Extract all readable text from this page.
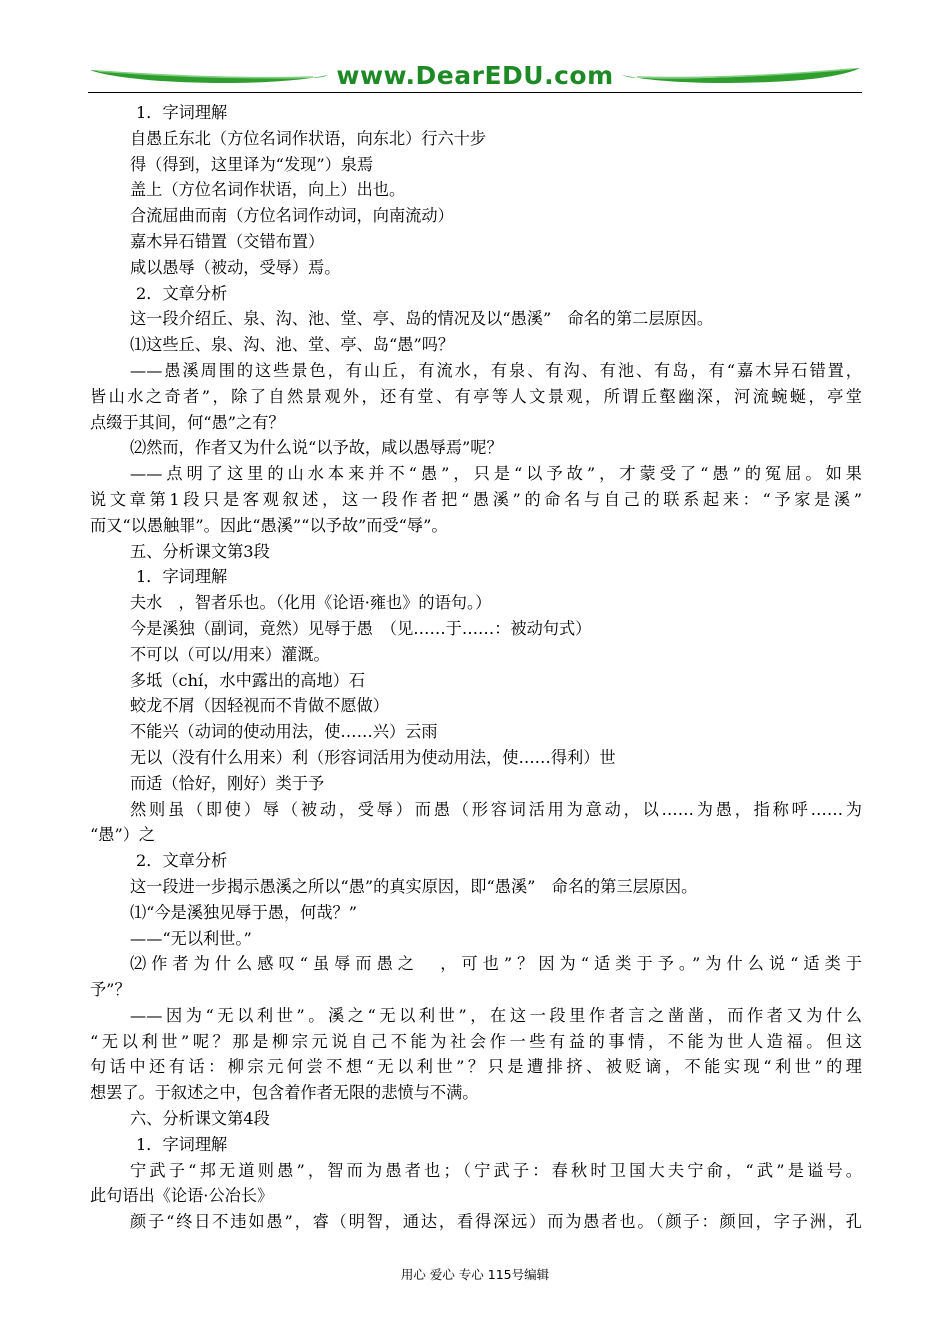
www.DearEDU.com
1．字词理解
自愚丘东北（方位名词作状语，向东北）行六十步
得（得到，这里译为“发现”）泉焉
盖上（方位名词作状语，向上）出也。
合流屈曲而南（方位名词作动词，向南流动）
嘉木异石错置（交错布置）
咸以愚辱（被动，受辱）焉。
2．文章分析
这一段介绍丘、泉、沟、池、堂、亭、岛的情况及以“愚溪”　命名的第二层原因。
⑴这些丘、泉、沟、池、堂、亭、岛“愚”吗？
——愚溪周围的这些景色，有山丘，有流水，有泉、有沟、有池、有岛，有“嘉木异石错置，
皆山水之奇者”，除了自然景观外，还有堂、有亭等人文景观，所谓丘壑幽深，河流蜿蜒，亭堂
点缀于其间，何“愚”之有？
⑵然而，作者又为什么说“以予故，咸以愚辱焉”呢？
——点明了这里的山水本来并不“愚”，只是“以予故”，才蒙受了“愚”的冤屈。如果
说文章第1段只是客观叙述，这一段作者把“愚溪”的命名与自己的联系起来：“予家是溪”
而又“以愚触罪”。因此“愚溪”“以予故”而受“辱”。
五、分析课文第3段
1．字词理解
夫水　，智者乐也。（化用《论语·雍也》的语句。）
今是溪独（副词，竟然）见辱于愚　（见……于……：被动句式）
不可以（可以/用来）灌溉。
多坻（chí，水中露出的高地）石
蛟龙不屑（因轻视而不肯做不愿做）
不能兴（动词的使动用法，使……兴）云雨
无以（没有什么用来）利（形容词活用为使动用法，使……得利）世
而适（恰好，刚好）类于予
然则虽（即使）辱（被动，受辱）而愚（形容词活用为意动，以……为愚，指称呼……为
“愚”）之
2．文章分析
这一段进一步揭示愚溪之所以“愚”的真实原因，即“愚溪”　命名的第三层原因。
⑴“今是溪独见辱于愚，何哉？”
——“无以利世。”
⑵作者为什么感叹“虽辱而愚之　，可也”？因为“适类于予。”为什么说“适类于
予”？
——因为“无以利世”。溪之“无以利世”，在这一段里作者言之凿凿，而作者又为什么
“无以利世”呢？那是柳宗元说自己不能为社会作一些有益的事情，不能为世人造福。但这
句话中还有话：柳宗元何尝不想“无以利世”？只是遭排挤、被贬谪，不能实现“利世”的理
想罢了。于叙述之中，包含着作者无限的悲愤与不满。
六、分析课文第4段
1．字词理解
宁武子“邦无道则愚”，智而为愚者也；（宁武子：春秋时卫国大夫宁俞，“武”是谥号。
此句语出《论语·公冶长》
颜子“终日不违如愚”，睿（明智，通达，看得深远）而为愚者也。（颜子：颜回，字子洲，孔
用心 爱心 专心 115号编辑
